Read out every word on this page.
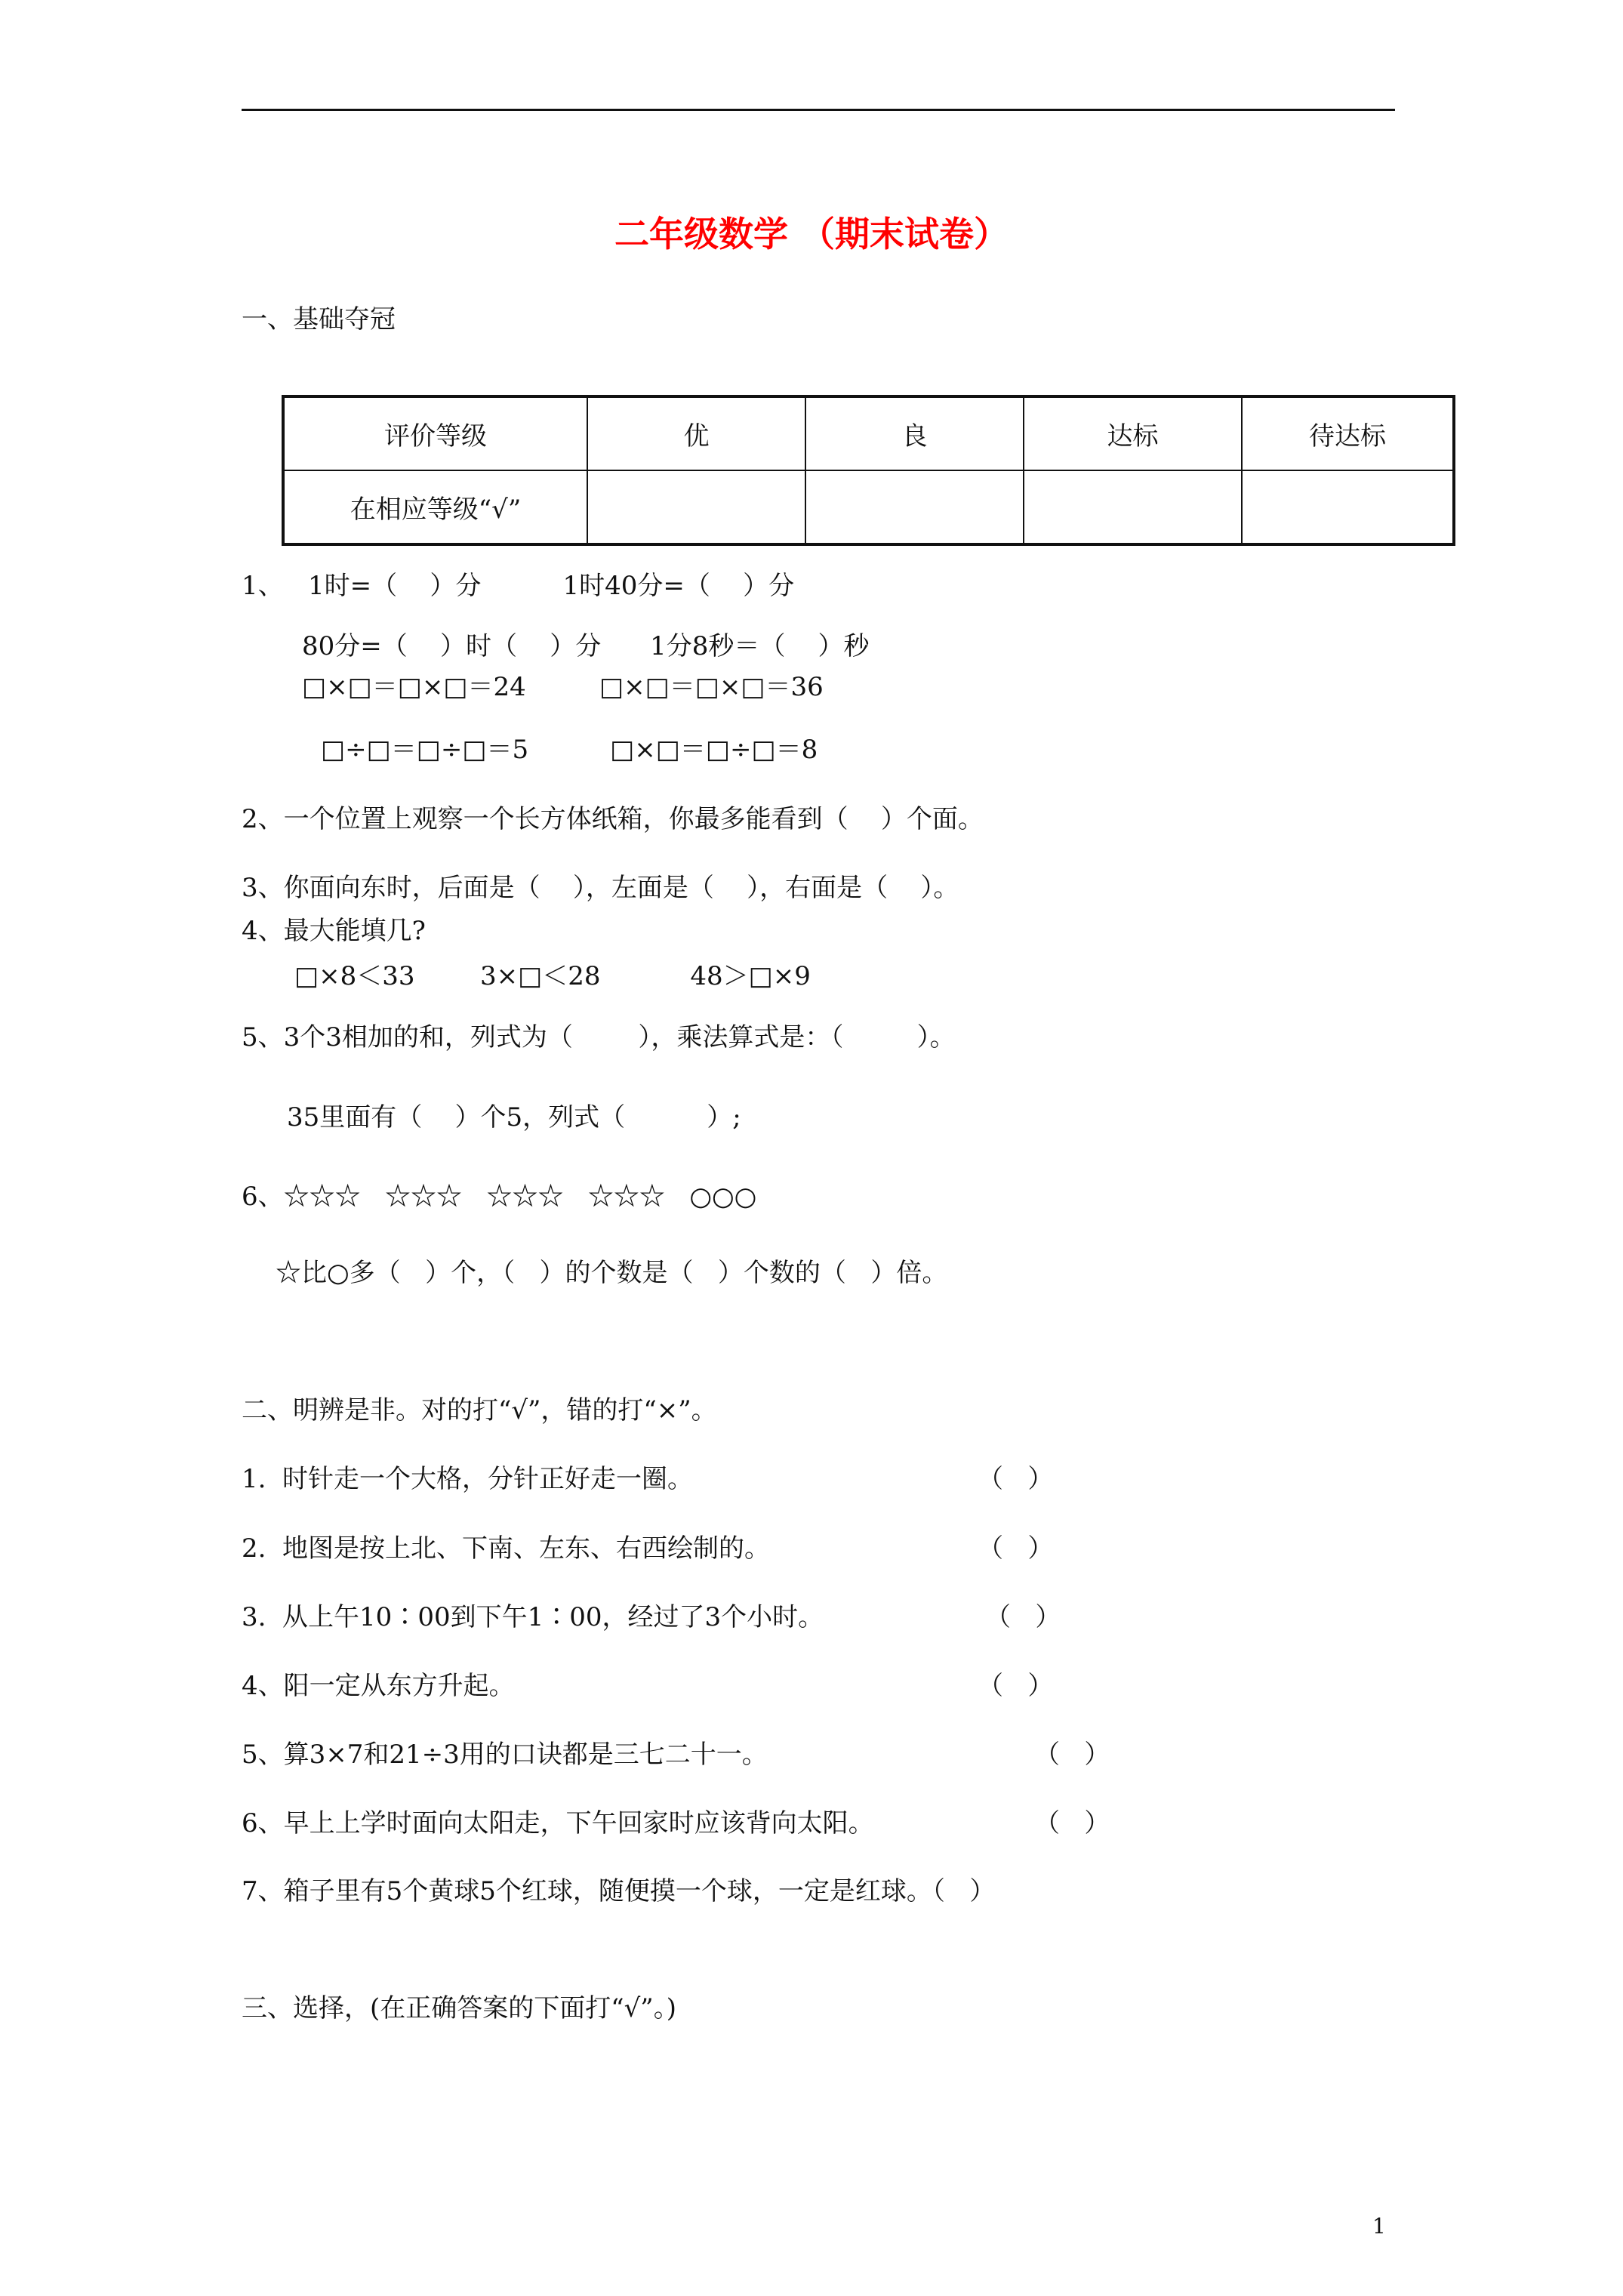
二年级数学 （期末试卷）
一、基础夺冠
评价等级	优	良	达标	待达标
在相应等级“√”				
1、   1时=（    ）分          1时40分=（    ）分
80分=（    ）时（    ）分      1分8秒＝（    ）秒
□×□＝□×□＝24         □×□＝□×□＝36
□÷□＝□÷□＝5          □×□＝□÷□＝8
2、一个位置上观察一个长方体纸箱，你最多能看到（    ）个面。
3、你面向东时，后面是（    ），左面是（    ），右面是（    ）。
4、最大能填几?
□×8＜33        3×□＜28           48＞□×9
5、3个3相加的和，列式为（        ），乘法算式是：（         ）。
35里面有（    ）个5，列式（          ）;
6、☆☆☆   ☆☆☆   ☆☆☆   ☆☆☆   ○○○
☆比○多（   ）个，（   ）的个数是（   ）个数的（   ）倍。
二、明辨是非。对的打“√”，错的打“×”。
1.  时针走一个大格，分针正好走一圈。	（   ）
2.  地图是按上北、下南、左东、右西绘制的。	（   ）
3.  从上午10∶00到下午1∶00，经过了3个小时。	（   ）
4、阳一定从东方升起。	（   ）
5、算3×7和21÷3用的口诀都是三七二十一。	（   ）
6、早上上学时面向太阳走，下午回家时应该背向太阳。	（   ）
7、箱子里有5个黄球5个红球，随便摸一个球，一定是红球。（   ）
三、选择，(在正确答案的下面打“√”。)
1
